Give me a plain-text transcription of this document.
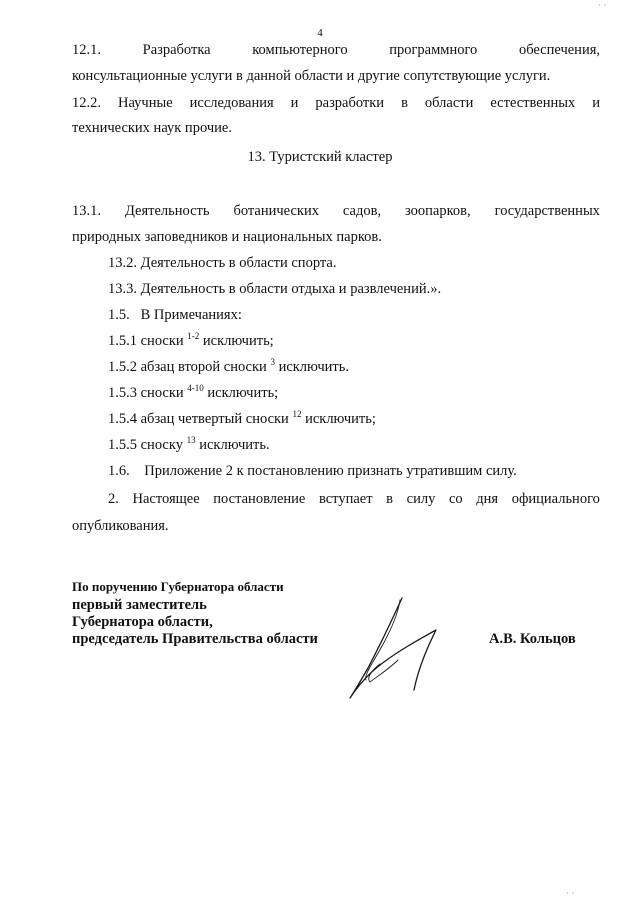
4
12.1.	Разработка	компьютерного	программного	обеспечения,
консультационные услуги в данной области и другие сопутствующие услуги.
12.2. Научные исследования и разработки в области естественных и
технических наук прочие.
13. Туристский кластер
13.1. Деятельность ботанических садов, зоопарков, государственных
природных заповедников и национальных парков.
13.2. Деятельность в области спорта.
13.3. Деятельность в области отдыха и развлечений.».
1.5.   В Примечаниях:
1.5.1 сноски $^{1-2}$ исключить;
1.5.2 абзац второй сноски $^3$ исключить.
1.5.3 сноски $^{4-10}$ исключить;
1.5.4 абзац четвертый сноски $^{12}$ исключить;
1.5.5 сноску $^{13}$ исключить.
1.6.    Приложение 2 к постановлению признать утратившим силу.
2. Настоящее постановление вступает в силу со дня официального
опубликования.
По поручению Губернатора области
первый заместитель
Губернатора области,
председатель Правительства области	А.В. Кольцов
· ·
· ·
